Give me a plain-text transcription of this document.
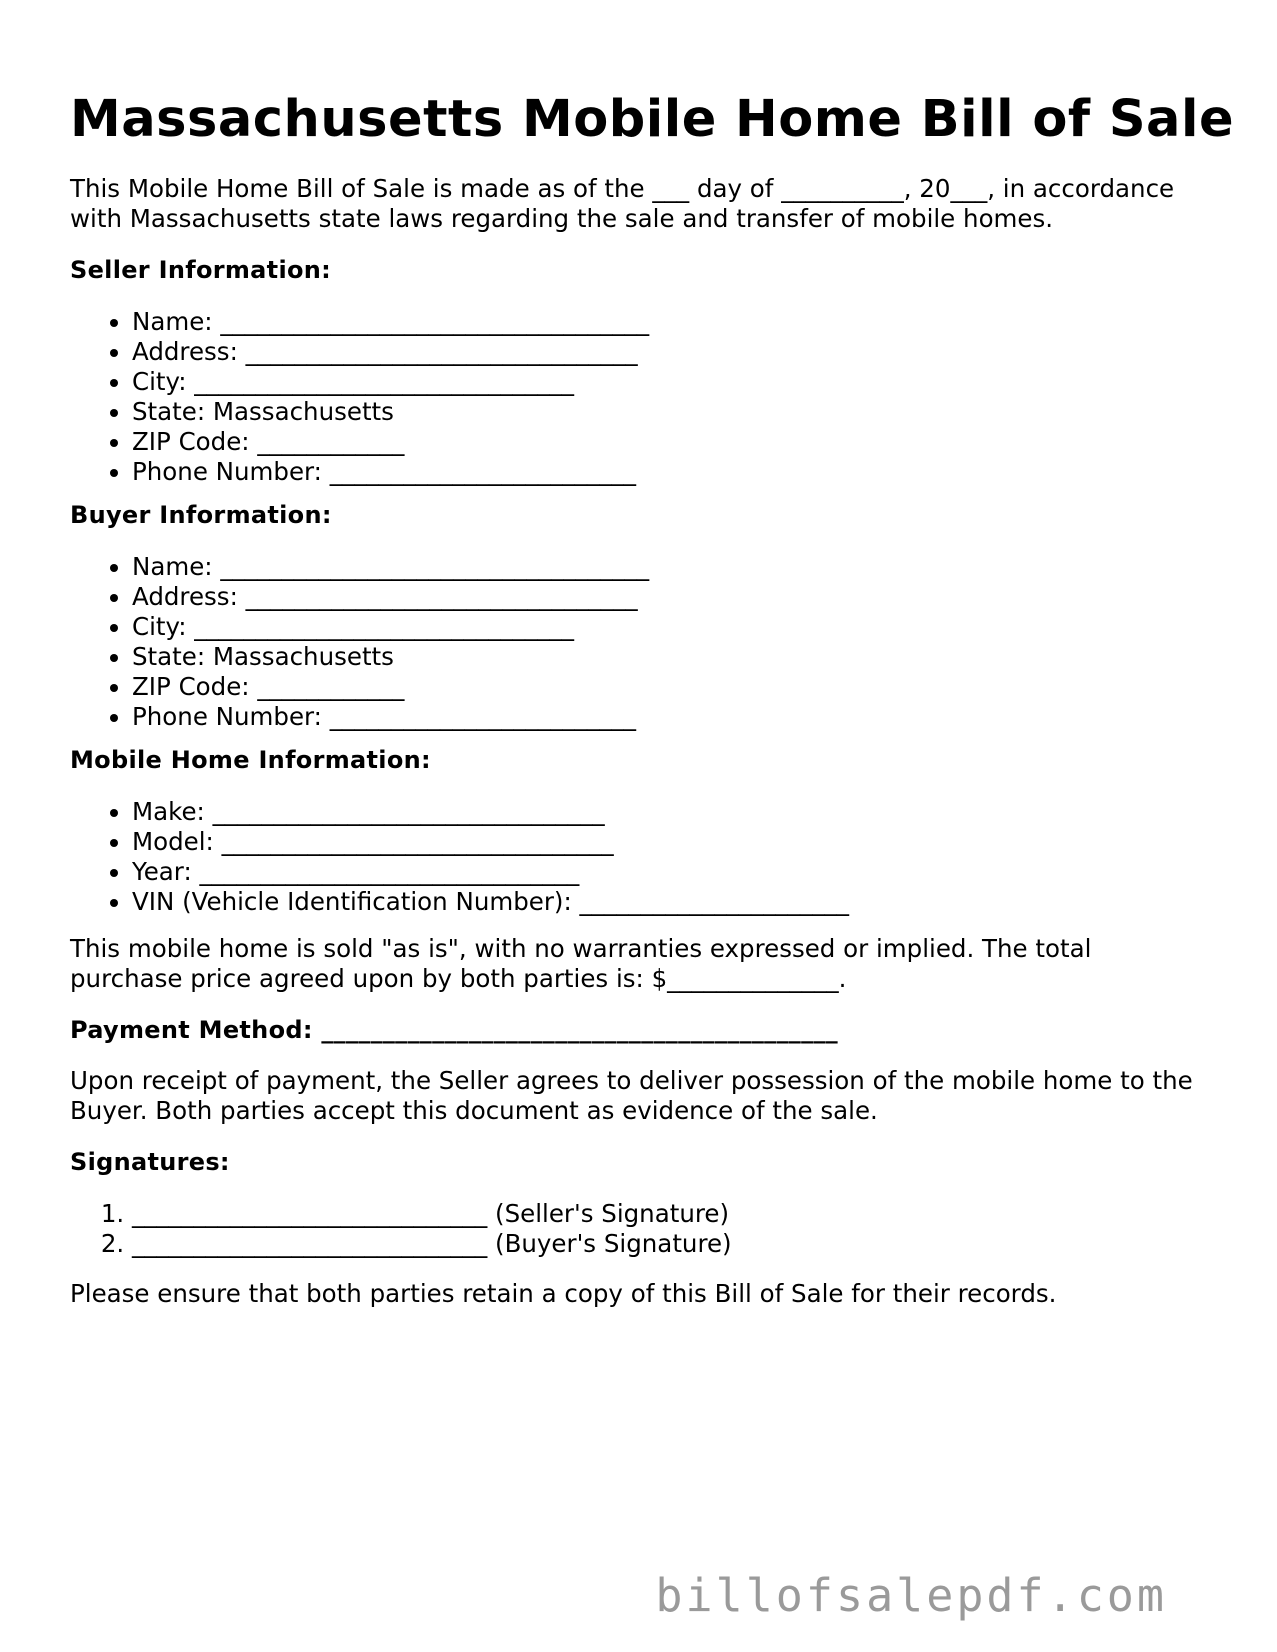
Massachusetts Mobile Home Bill of Sale

This Mobile Home Bill of Sale is made as of the ___ day of __________, 20___, in accordance with Massachusetts state laws regarding the sale and transfer of mobile homes.

Seller Information:

• Name: ___________________________________
• Address: ________________________________
• City: _______________________________
• State: Massachusetts
• ZIP Code: ____________
• Phone Number: _________________________

Buyer Information:

• Name: ___________________________________
• Address: ________________________________
• City: _______________________________
• State: Massachusetts
• ZIP Code: ____________
• Phone Number: _________________________

Mobile Home Information:

• Make: ________________________________
• Model: ________________________________
• Year: _______________________________
• VIN (Vehicle Identification Number): ______________________

This mobile home is sold "as is", with no warranties expressed or implied. The total purchase price agreed upon by both parties is: $______________.

Payment Method: __________________________________________

Upon receipt of payment, the Seller agrees to deliver possession of the mobile home to the Buyer. Both parties accept this document as evidence of the sale.

Signatures:

1. _____________________________ (Seller's Signature)
2. _____________________________ (Buyer's Signature)

Please ensure that both parties retain a copy of this Bill of Sale for their records.

billofsalepdf.com
